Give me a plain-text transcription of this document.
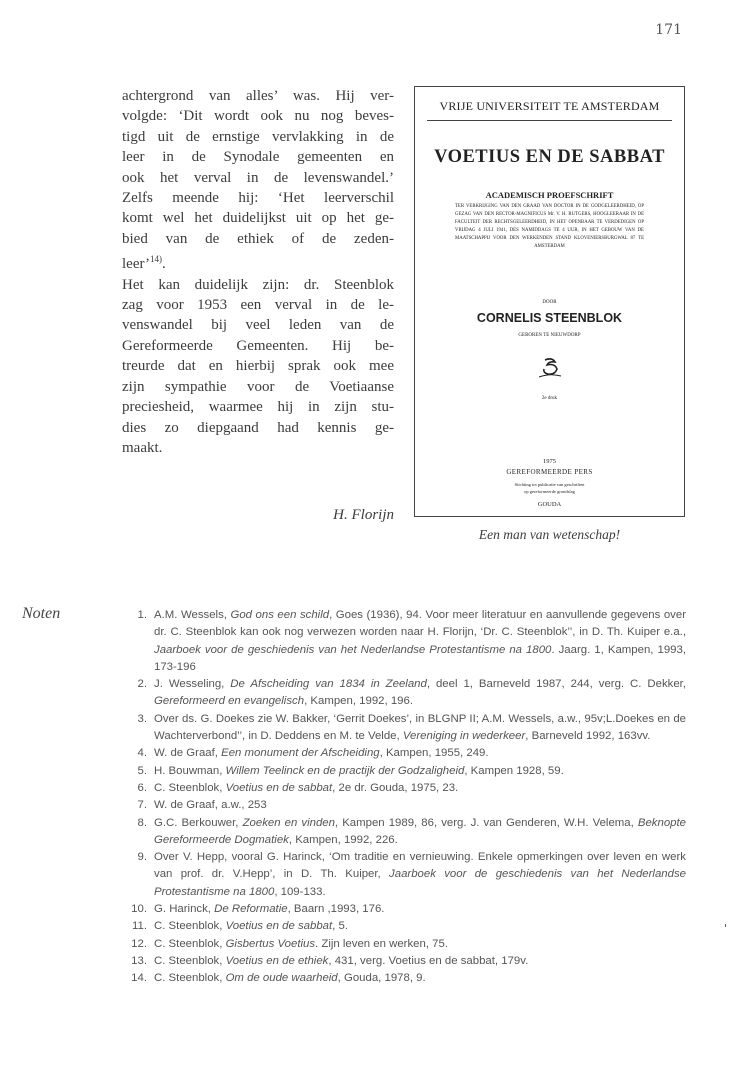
171

achtergrond van alles’ was. Hij ver-
volgde: ‘Dit wordt ook nu nog beves-
tigd uit de ernstige vervlakking in de
leer in de Synodale gemeenten en
ook het verval in de levenswandel.’
Zelfs meende hij: ‘Het leerverschil
komt wel het duidelijkst uit op het ge-
bied van de ethiek of de zeden-
leer’$^{14)}$.

Het kan duidelijk zijn: dr. Steenblok
zag voor 1953 een verval in de le-
venswandel bij veel leden van de
Gereformeerde Gemeenten. Hij be-
treurde dat en hierbij sprak ook mee
zijn sympathie voor de Voetiaanse
preciesheid, waarmee hij in zijn stu-
dies zo diepgaand had kennis ge-
maakt.

H. Florijn
VRIJE UNIVERSITEIT TE AMSTERDAM
VOETIUS EN DE SABBAT
ACADEMISCH PROEFSCHRIFT
TER VERKRIJGING VAN DEN GRAAD VAN DOCTOR IN DE GODGELEERDHEID, OP GEZAG VAN DEN RECTOR-MAGNIFICUS Mr. V. H. RUTGERS, HOOGLEERAAR IN DE FACULTEIT DER RECHTSGELEERDHEID, IN HET OPENBAAR TE VERDEDIGEN OP VRIJDAG 4 JULI 1941, DES NAMIDDAGS TE 4 UUR, IN HET GEBOUW VAN DE MAATSCHAPPIJ VOOR DEN WERKENDEN STAND KLOVENIERSBURGWAL 87 TE AMSTERDAM
DOOR
CORNELIS STEENBLOK
GEBOREN TE NIEUWDORP
2e druk
1975
GEREFORMEERDE PERS
Stichting tot publicatie van geschriften
op gereformeerde grondslag
GOUDA
Een man van wetenschap!
Noten	1. A.M. Wessels, God ons een schild, Goes (1936), 94. Voor meer literatuur en aanvullende gegevens over dr. C. Steenblok kan ook nog verwezen worden naar H. Florijn, ‘Dr. C. Steenblok’’, in D. Th. Kuiper e.a., Jaarboek voor de geschiedenis van het Nederlandse Protestantisme na 1800. Jaarg. 1, Kampen, 1993, 173-196
2. J. Wesseling, De Afscheiding van 1834 in Zeeland, deel 1, Barneveld 1987, 244, verg. C. Dekker, Gereformeerd en evangelisch, Kampen, 1992, 196.
3. Over ds. G. Doekes zie W. Bakker, ‘Gerrit Doekes’, in BLGNP II; A.M. Wessels, a.w., 95v;L.Doekes en de Wachterverbond’’, in D. Deddens en M. te Velde, Vereniging in wederkeer, Barneveld 1992, 163vv.
4. W. de Graaf, Een monument der Afscheiding, Kampen, 1955, 249.
5. H. Bouwman, Willem Teelinck en de practijk der Godzaligheid, Kampen 1928, 59.
6. C. Steenblok, Voetius en de sabbat, 2e dr. Gouda, 1975, 23.
7. W. de Graaf, a.w., 253
8. G.C. Berkouwer, Zoeken en vinden, Kampen 1989, 86, verg. J. van Genderen, W.H. Velema, Beknopte Gereformeerde Dogmatiek, Kampen, 1992, 226.
9. Over V. Hepp, vooral G. Harinck, ‘Om traditie en vernieuwing. Enkele opmerkingen over leven en werk van prof. dr. V.Hepp’, in D. Th. Kuiper, Jaarboek voor de geschiedenis van het Nederlandse Protestantisme na 1800, 109-133.
10. G. Harinck, De Reformatie, Baarn ,1993, 176.
11. C. Steenblok, Voetius en de sabbat, 5.
12. C. Steenblok, Gisbertus Voetius. Zijn leven en werken, 75.
13. C. Steenblok, Voetius en de ethiek, 431, verg. Voetius en de sabbat, 179v.
14. C. Steenblok, Om de oude waarheid, Gouda, 1978, 9.
'
